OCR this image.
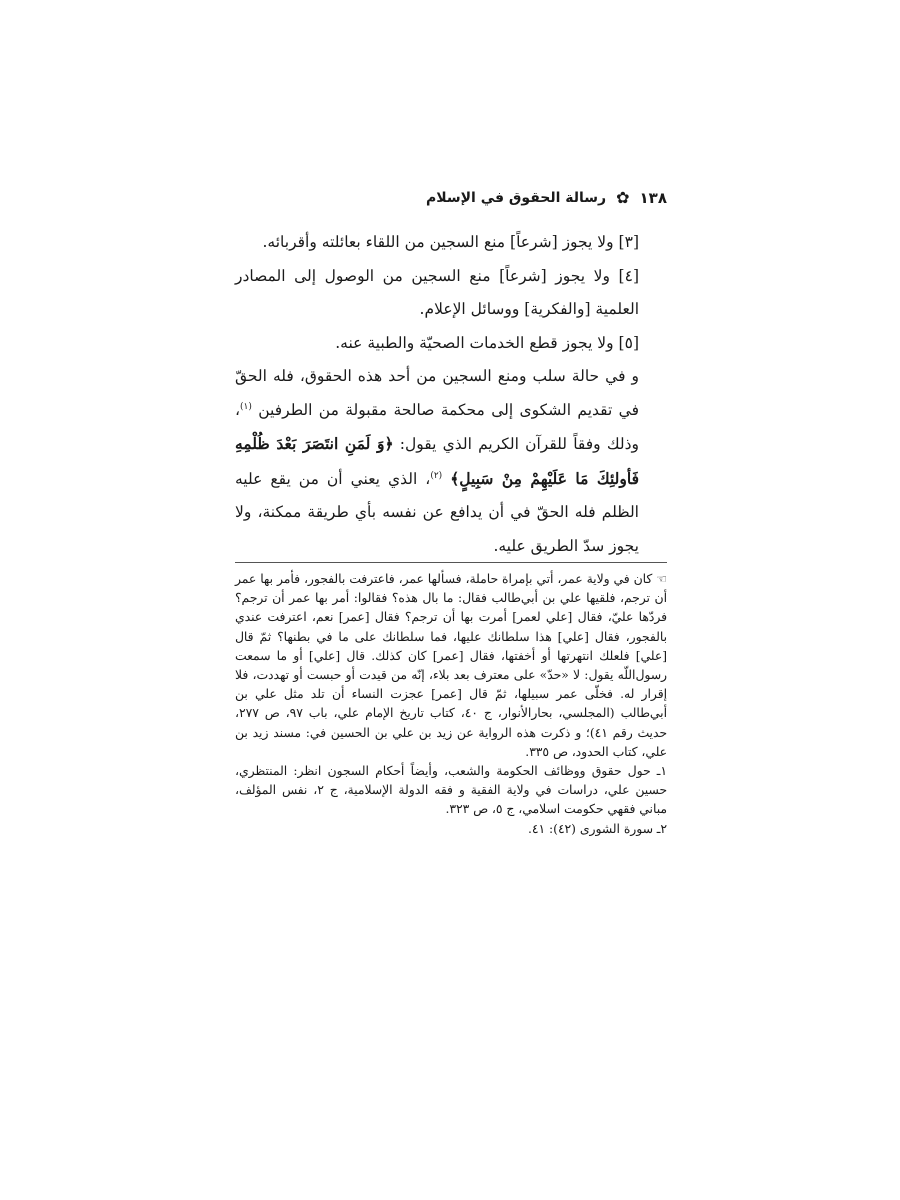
١٣٨
✿
رسالة الحقوق في الإسلام

[٣] ولا يجوز [شرعاً] منع السجين من اللقاء بعائلته وأقربائه.

[٤] ولا يجوز [شرعاً] منع السجين من الوصول إلى المصادر العلمية [والفكرية] ووسائل الإعلام.

[٥] ولا يجوز قطع الخدمات الصحيّة والطبية عنه.

و في حالة سلب ومنع السجين من أحد هذه الحقوق، فله الحقّ في تقديم الشكوى إلى محكمة صالحة مقبولة من الطرفين $^{(١)}$، وذلك وفقاً للقرآن الكريم الذي يقول: ﴿وَ لَمَنِ انتَصَرَ بَعْدَ ظُلْمِهِ فَأولئِكَ مَا عَلَيْهِمْ مِنْ سَبِيلٍ﴾ $^{(٢)}$، الذي يعني أن من يقع عليه الظلم فله الحقّ في أن يدافع عن نفسه بأي طريقة ممكنة، ولا يجوز سدّ الطريق عليه.

☜كان في ولاية عمر، أتي بإمراة حاملة، فسألها عمر، فاعترفت بالفجور، فأمر بها عمر أن ترجم، فلقيها علي بن أبي‌طالب فقال: ما بال هذه؟ فقالوا: أمر بها عمر أن ترجم؟ فردّها عليّ، فقال [علي لعمر] أمرت بها أن ترجم؟ فقال [عمر] نعم، اعترفت عندي بالفجور، فقال [علي] هذا سلطانك عليها، فما سلطانك على ما في بطنها؟ ثمّ قال [علي] فلعلك انتهرتها أو أخفتها، فقال [عمر] كان كذلك. قال [علي] أو ما سمعت رسول‌اللّه يقول: لا «حدّ» على معترف بعد بلاء، إنّه من قيدت أو حبست أو تهددت، فلا إقرار له. فخلّى عمر سبيلها، ثمّ قال [عمر] عجزت النساء أن تلد مثل علي بن أبي‌طالب (المجلسي، بحارالأنوار، ج ٤٠، كتاب تاريخ الإمام علي، باب ٩٧، ص ٢٧٧، حديث رقم ٤١)؛ و ذكرت هذه الرواية عن زيد بن علي بن الحسين في: مسند زيد بن علي، كتاب الحدود، ص ٣٣٥.

١ـ حول حقوق ووظائف الحكومة والشعب، وأيضاً أحكام السجون انظر: المنتظري، حسين علي، دراسات في ولاية الفقية و فقه الدولة الإسلامية، ج ٢، نفس المؤلف، مباني فقهي حكومت اسلامي، ج ٥، ص ٣٢٣.

٢ـ سورة الشورى (٤٢): ٤١.
